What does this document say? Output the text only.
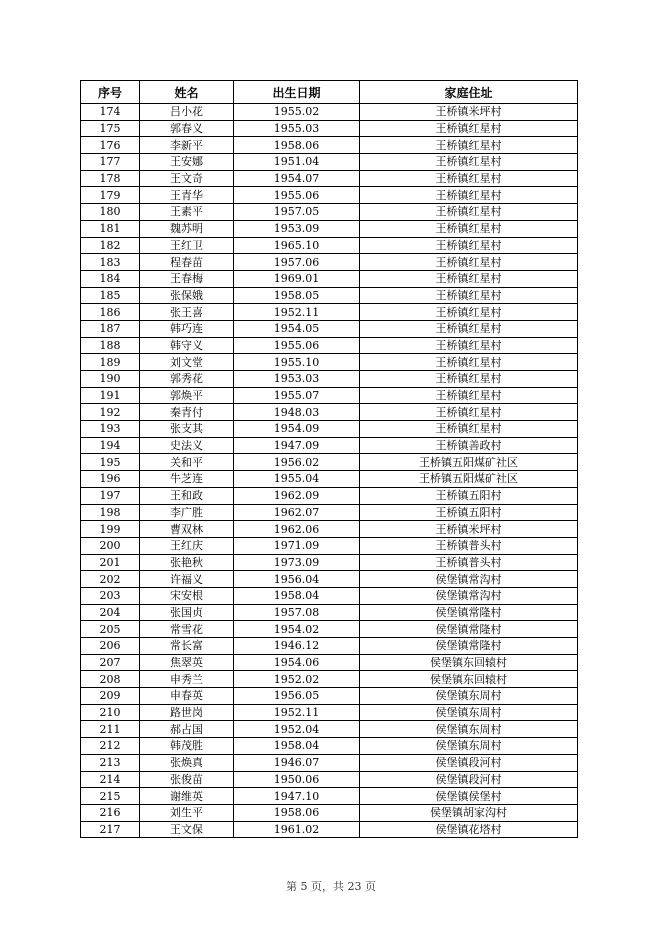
序号	姓名	出生日期	家庭住址
174	吕小花	1955.02	王桥镇米坪村
175	郭春义	1955.03	王桥镇红星村
176	李新平	1958.06	王桥镇红星村
177	王安娜	1951.04	王桥镇红星村
178	王文奇	1954.07	王桥镇红星村
179	王青华	1955.06	王桥镇红星村
180	王素平	1957.05	王桥镇红星村
181	魏苏明	1953.09	王桥镇红星村
182	王红卫	1965.10	王桥镇红星村
183	程春苗	1957.06	王桥镇红星村
184	王春梅	1969.01	王桥镇红星村
185	张保娥	1958.05	王桥镇红星村
186	张王喜	1952.11	王桥镇红星村
187	韩巧连	1954.05	王桥镇红星村
188	韩守义	1955.06	王桥镇红星村
189	刘文堂	1955.10	王桥镇红星村
190	郭秀花	1953.03	王桥镇红星村
191	郭焕平	1955.07	王桥镇红星村
192	秦青付	1948.03	王桥镇红星村
193	张支其	1954.09	王桥镇红星村
194	史法义	1947.09	王桥镇善政村
195	关和平	1956.02	王桥镇五阳煤矿社区
196	牛芝连	1955.04	王桥镇五阳煤矿社区
197	王和政	1962.09	王桥镇五阳村
198	李广胜	1962.07	王桥镇五阳村
199	曹双林	1962.06	王桥镇米坪村
200	王红庆	1971.09	王桥镇普头村
201	张艳秋	1973.09	王桥镇普头村
202	许福义	1956.04	侯堡镇常沟村
203	宋安根	1958.04	侯堡镇常沟村
204	张国贞	1957.08	侯堡镇常隆村
205	常雪花	1954.02	侯堡镇常隆村
206	常长富	1946.12	侯堡镇常隆村
207	焦翠英	1954.06	侯堡镇东回辕村
208	申秀兰	1952.02	侯堡镇东回辕村
209	申春英	1956.05	侯堡镇东周村
210	路世岗	1952.11	侯堡镇东周村
211	郝占国	1952.04	侯堡镇东周村
212	韩茂胜	1958.04	侯堡镇东周村
213	张焕真	1946.07	侯堡镇段河村
214	张俊苗	1950.06	侯堡镇段河村
215	谢维英	1947.10	侯堡镇侯堡村
216	刘生平	1958.06	侯堡镇胡家沟村
217	王文保	1961.02	侯堡镇花塔村
第 5 页，共 23 页
